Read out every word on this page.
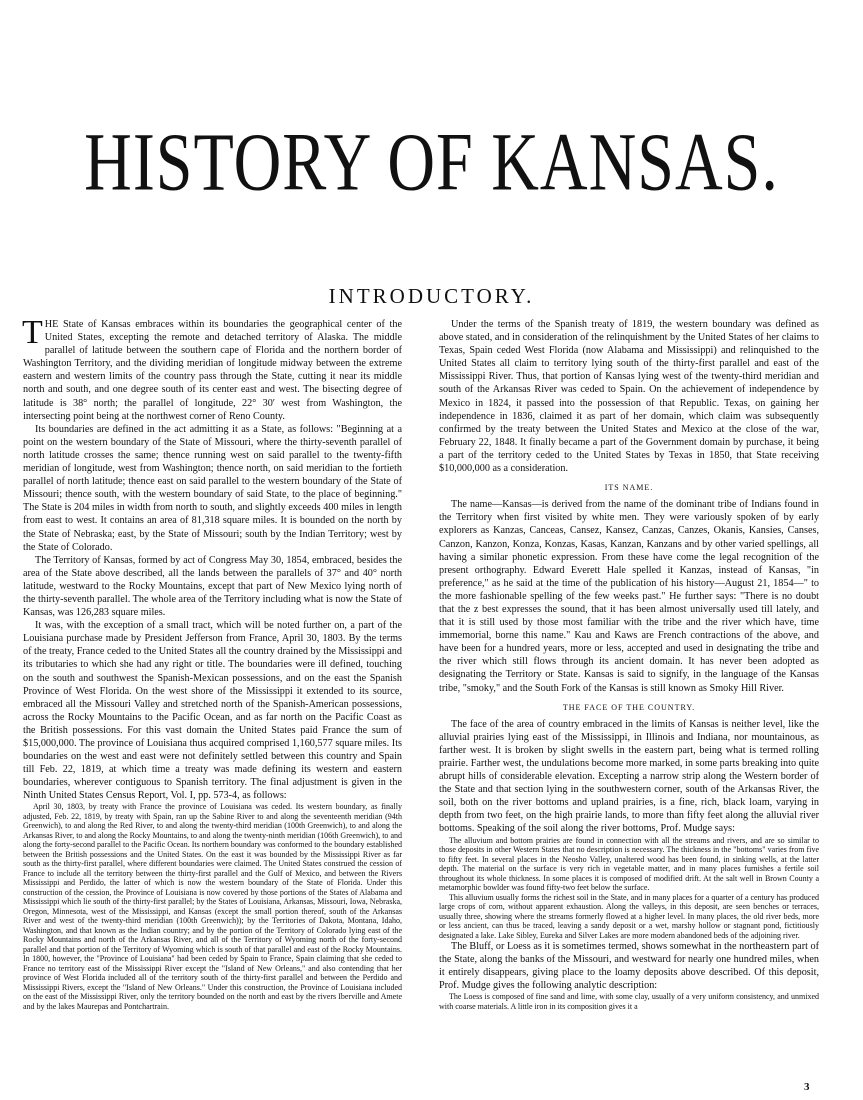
HISTORY OF KANSAS.
INTRODUCTORY.

THE State of Kansas embraces within its boundaries the geographical center of the United States, excepting the remote and detached territory of Alaska. The middle parallel of latitude between the southern cape of Florida and the northern border of Washington Territory, and the dividing meridian of longitude midway between the extreme eastern and western limits of the country pass through the State, cutting it near its middle north and south, and one degree south of its center east and west. The bisecting degree of latitude is 38° north; the parallel of longitude, 22° 30′ west from Washington, the intersecting point being at the northwest corner of Reno County.

Its boundaries are defined in the act admitting it as a State, as follows: "Beginning at a point on the western boundary of the State of Missouri, where the thirty-seventh parallel of north latitude crosses the same; thence running west on said parallel to the twenty-fifth meridian of longitude, west from Washington; thence north, on said meridian to the fortieth parallel of north latitude; thence east on said parallel to the western boundary of the State of Missouri; thence south, with the western boundary of said State, to the place of beginning." The State is 204 miles in width from north to south, and slightly exceeds 400 miles in length from east to west. It contains an area of 81,318 square miles. It is bounded on the north by the State of Nebraska; east, by the State of Missouri; south by the Indian Territory; west by the State of Colorado.

The Territory of Kansas, formed by act of Congress May 30, 1854, embraced, besides the area of the State above described, all the lands between the parallels of 37° and 40° north latitude, westward to the Rocky Mountains, except that part of New Mexico lying north of the thirty-seventh parallel. The whole area of the Territory including what is now the State of Kansas, was 126,283 square miles.

It was, with the exception of a small tract, which will be noted further on, a part of the Louisiana purchase made by President Jefferson from France, April 30, 1803. By the terms of the treaty, France ceded to the United States all the country drained by the Mississippi and its tributaries to which she had any right or title. The boundaries were ill defined, touching on the south and southwest the Spanish-Mexican possessions, and on the east the Spanish Province of West Florida. On the west shore of the Mississippi it extended to its source, embraced all the Missouri Valley and stretched north of the Spanish-American possessions, across the Rocky Mountains to the Pacific Ocean, and as far north on the Pacific Coast as the British possessions. For this vast domain the United States paid France the sum of $15,000,000. The province of Louisiana thus acquired comprised 1,160,577 square miles. Its boundaries on the west and east were not definitely settled between this country and Spain till Feb. 22, 1819, at which time a treaty was made defining its western and eastern boundaries, wherever contiguous to Spanish territory. The final adjustment is given in the Ninth United States Census Report, Vol. I, pp. 573-4, as follows:

April 30, 1803, by treaty with France the province of Louisiana was ceded. Its western boundary, as finally adjusted, Feb. 22, 1819, by treaty with Spain, ran up the Sabine River to and along the seventeenth meridian (94th Greenwich), to and along the Red River, to and along the twenty-third meridian (100th Greenwich), to and along the Arkansas River, to and along the Rocky Mountains, to and along the twenty-ninth meridian (106th Greenwich), to and along the forty-second parallel to the Pacific Ocean. Its northern boundary was conformed to the boundary established between the British possessions and the United States. On the east it was bounded by the Mississippi River as far south as the thirty-first parallel, where different boundaries were claimed. The United States construed the cession of France to include all the territory between the thirty-first parallel and the Gulf of Mexico, and between the Rivers Mississippi and Perdido, the latter of which is now the western boundary of the State of Florida. Under this construction of the cession, the Province of Louisiana is now covered by those portions of the States of Alabama and Mississippi which lie south of the thirty-first parallel; by the States of Louisiana, Arkansas, Missouri, Iowa, Nebraska, Oregon, Minnesota, west of the Mississippi, and Kansas (except the small portion thereof, south of the Arkansas River and west of the twenty-third meridian (100th Greenwich)); by the Territories of Dakota, Montana, Idaho, Washington, and that known as the Indian country; and by the portion of the Territory of Colorado lying east of the Rocky Mountains and north of the Arkansas River, and all of the Territory of Wyoming north of the forty-second parallel and that portion of the Territory of Wyoming which is south of that parallel and east of the Rocky Mountains. In 1800, however, the "Province of Louisiana" had been ceded by Spain to France, Spain claiming that she ceded to France no territory east of the Mississippi River except the "Island of New Orleans," and also contending that her province of West Florida included all of the territory south of the thirty-first parallel and between the Perdido and Mississippi Rivers, except the "Island of New Orleans." Under this construction, the Province of Louisiana included on the east of the Mississippi River, only the territory bounded on the north and east by the rivers Iberville and Amete and by the lakes Maurepas and Pontchartrain.

Under the terms of the Spanish treaty of 1819, the western boundary was defined as above stated, and in consideration of the relinquishment by the United States of her claims to Texas, Spain ceded West Florida (now Alabama and Mississippi) and relinquished to the United States all claim to territory lying south of the thirty-first parallel and east of the Mississippi River. Thus, that portion of Kansas lying west of the twenty-third meridian and south of the Arkansas River was ceded to Spain. On the achievement of independence by Mexico in 1824, it passed into the possession of that Republic. Texas, on gaining her independence in 1836, claimed it as part of her domain, which claim was subsequently confirmed by the treaty between the United States and Mexico at the close of the war, February 22, 1848. It finally became a part of the Government domain by purchase, it being a part of the territory ceded to the United States by Texas in 1850, that State receiving $10,000,000 as a consideration.

ITS NAME.

The name—Kansas—is derived from the name of the dominant tribe of Indians found in the Territory when first visited by white men. They were variously spoken of by early explorers as Kanzas, Canceas, Cansez, Kansez, Canzas, Canzes, Okanis, Kansies, Canses, Canzon, Kanzon, Konza, Konzas, Kasas, Kanzan, Kanzans and by other varied spellings, all having a similar phonetic expression. From these have come the legal recognition of the present orthography. Edward Everett Hale spelled it Kanzas, instead of Kansas, "in preference," as he said at the time of the publication of his history—August 21, 1854—" to the more fashionable spelling of the few weeks past." He further says: "There is no doubt that the z best expresses the sound, that it has been almost universally used till lately, and that it is still used by those most familiar with the tribe and the river which have, time immemorial, borne this name." Kau and Kaws are French contractions of the above, and have been for a hundred years, more or less, accepted and used in designating the tribe and the river which still flows through its ancient domain. It has never been adopted as designating the Territory or State. Kansas is said to signify, in the language of the Kansas tribe, "smoky," and the South Fork of the Kansas is still known as Smoky Hill River.

THE FACE OF THE COUNTRY.

The face of the area of country embraced in the limits of Kansas is neither level, like the alluvial prairies lying east of the Mississippi, in Illinois and Indiana, nor mountainous, as farther west. It is broken by slight swells in the eastern part, being what is termed rolling prairie. Farther west, the undulations become more marked, in some parts breaking into quite abrupt hills of considerable elevation. Excepting a narrow strip along the Western border of the State and that section lying in the southwestern corner, south of the Arkansas River, the soil, both on the river bottoms and upland prairies, is a fine, rich, black loam, varying in depth from two feet, on the high prairie lands, to more than fifty feet along the alluvial river bottoms. Speaking of the soil along the river bottoms, Prof. Mudge says:

The alluvium and bottom prairies are found in connection with all the streams and rivers, and are so similar to those deposits in other Western States that no description is necessary. The thickness in the "bottoms" varies from five to fifty feet. In several places in the Neosho Valley, unaltered wood has been found, in sinking wells, at the latter depth. The material on the surface is very rich in vegetable matter, and in many places furnishes a fertile soil throughout its whole thickness. In some places it is composed of modified drift. At the salt well in Brown County a metamorphic bowlder was found fifty-two feet below the surface.

This alluvium usually forms the richest soil in the State, and in many places for a quarter of a century has produced large crops of corn, without apparent exhaustion. Along the valleys, in this deposit, are seen benches or terraces, usually three, showing where the streams formerly flowed at a higher level. In many places, the old river beds, more or less ancient, can thus be traced, leaving a sandy deposit or a wet, marshy hollow or stagnant pond, fictitiously designated a lake. Lake Sibley, Eureka and Silver Lakes are more modern abandoned beds of the adjoining river.

The Bluff, or Loess as it is sometimes termed, shows somewhat in the northeastern part of the State, along the banks of the Missouri, and westward for nearly one hundred miles, when it entirely disappears, giving place to the loamy deposits above described. Of this deposit, Prof. Mudge gives the following analytic description:

The Loess is composed of fine sand and lime, with some clay, usually of a very uniform consistency, and unmixed with coarse materials. A little iron in its composition gives it a

3
